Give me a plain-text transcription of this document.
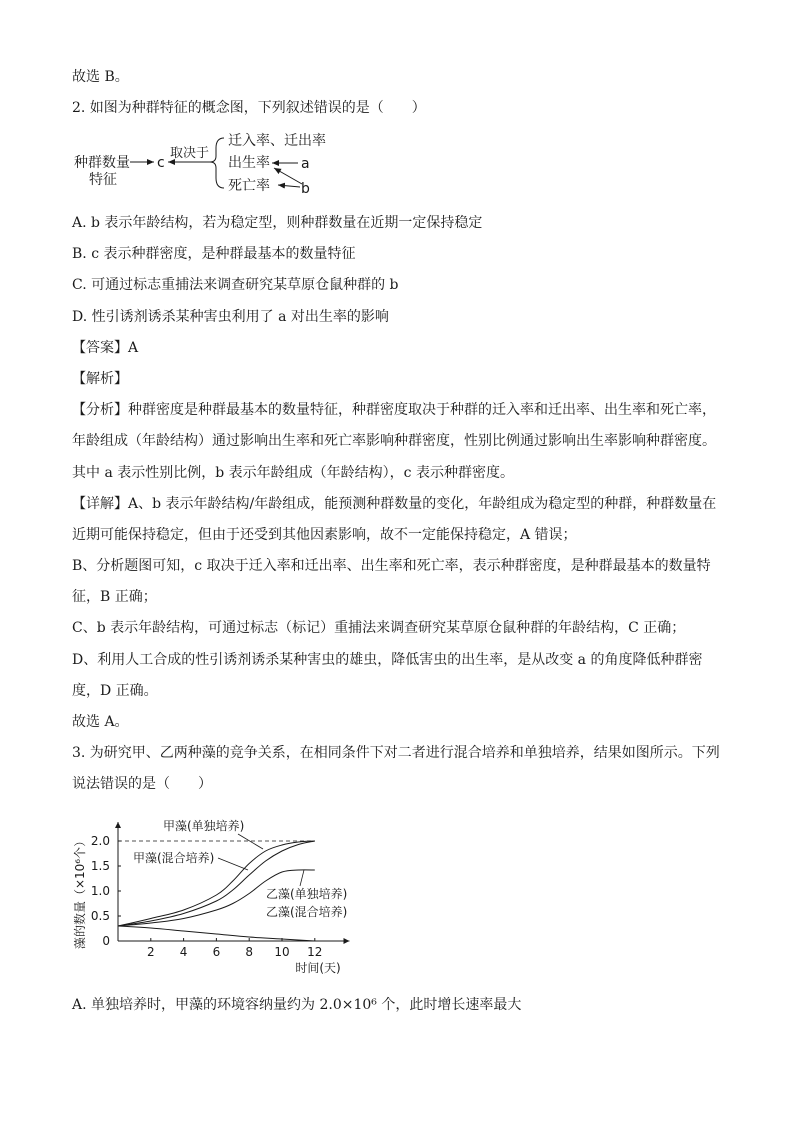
故选 B。
2. 如图为种群特征的概念图，下列叙述错误的是（　　）
种群数量
特征
c
取决于
迁入率、迁出率
出生率
死亡率
a
b
A. b 表示年龄结构，若为稳定型，则种群数量在近期一定保持稳定
B. c 表示种群密度，是种群最基本的数量特征
C. 可通过标志重捕法来调查研究某草原仓鼠种群的 b
D. 性引诱剂诱杀某种害虫利用了 a 对出生率的影响
【答案】A
【解析】
【分析】种群密度是种群最基本的数量特征，种群密度取决于种群的迁入率和迁出率、出生率和死亡率，
年龄组成（年龄结构）通过影响出生率和死亡率影响种群密度，性别比例通过影响出生率影响种群密度。
其中 a 表示性别比例，b 表示年龄组成（年龄结构），c 表示种群密度。
【详解】A、b 表示年龄结构/年龄组成，能预测种群数量的变化，年龄组成为稳定型的种群，种群数量在
近期可能保持稳定，但由于还受到其他因素影响，故不一定能保持稳定，A 错误；
B、分析题图可知，c 取决于迁入率和迁出率、出生率和死亡率，表示种群密度，是种群最基本的数量特
征，B 正确；
C、b 表示年龄结构，可通过标志（标记）重捕法来调查研究某草原仓鼠种群的年龄结构，C 正确；
D、利用人工合成的性引诱剂诱杀某种害虫的雄虫，降低害虫的出生率，是从改变 a 的角度降低种群密
度，D 正确。
故选 A。
3. 为研究甲、乙两种藻的竞争关系，在相同条件下对二者进行混合培养和单独培养，结果如图所示。下列
说法错误的是（　　）
藻的数量（×10⁶个）
时间(天)
2 4 6 8 10 12
0
0.5
1.0
1.5
2.0
甲藻(单独培养)
甲藻(混合培养)
乙藻(单独培养)
乙藻(混合培养)
A. 单独培养时，甲藻的环境容纳量约为 2.0×10⁶ 个，此时增长速率最大
